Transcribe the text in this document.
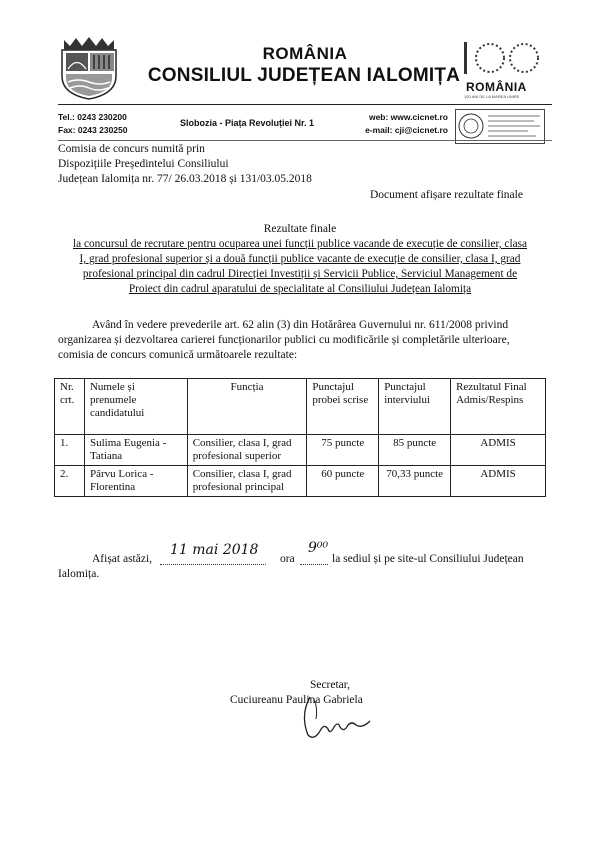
ROMÂNIA
CONSILIUL JUDEȚEAN IALOMIȚA
ROMÂNIA
100 ANI DE LA MAREA UNIRE
Tel.: 0243 230200
Fax: 0243 230250
Slobozia - Piața Revoluției Nr. 1
web: www.cicnet.ro
e-mail: cji@cicnet.ro
Comisia de concurs numită prin
Dispozițiile Președintelui Consiliului
Județean Ialomița nr. 77/ 26.03.2018 și 131/03.05.2018
Document afișare rezultate finale
Rezultate finale
la concursul de recrutare pentru ocuparea unei funcții publice vacande de execuție de consilier, clasa
I, grad profesional superior și a două funcții publice vacante de execuție de consilier, clasa I, grad
profesional principal din cadrul Direcției Investiții și Servicii Publice, Serviciul Management de
Proiect din cadrul aparatului de specialitate al Consiliului Județean Ialomița
Având în vedere prevederile art. 62 alin (3) din Hotărârea Guvernului nr. 611/2008 privind
organizarea și dezvoltarea carierei funcționarilor publici cu modificările și completările ulterioare,
comisia de concurs comunică următoarele rezultate:
Nr. crt.	Numele și prenumele candidatului	Funcția	Punctajul probei scrise	Punctajul interviului	Rezultatul Final Admis/Respins
1.	Sulima Eugenia - Tatiana	Consilier, clasa I, grad profesional superior	75 puncte	85 puncte	ADMIS
2.	Pârvu Lorica - Florentina	Consilier, clasa I, grad profesional principal	60 puncte	70,33 puncte	ADMIS
Afișat astăzi,
11 mai 2018
ora
9⁰⁰
la sediul și pe site-ul Consiliului Județean
Ialomița.
Secretar,
Cuciureanu Paulina Gabriela
